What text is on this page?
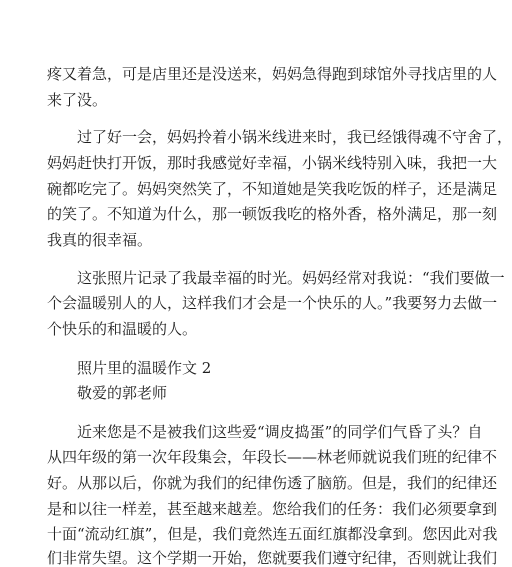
疼又着急，可是店里还是没送来，妈妈急得跑到球馆外寻找店里的人

来了没。

过了好一会，妈妈拎着小锅米线进来时，我已经饿得魂不守舍了，

妈妈赶快打开饭，那时我感觉好幸福，小锅米线特别入味，我把一大

碗都吃完了。妈妈突然笑了，不知道她是笑我吃饭的样子，还是满足

的笑了。不知道为什么，那一顿饭我吃的格外香，格外满足，那一刻

我真的很幸福。

这张照片记录了我最幸福的时光。妈妈经常对我说：“我们要做一

个会温暖别人的人，这样我们才会是一个快乐的人。”我要努力去做一

个快乐的和温暖的人。

照片里的温暖作文 2

敬爱的郭老师

近来您是不是被我们这些爱“调皮捣蛋”的同学们气昏了头？自

从四年级的第一次年段集会，年段长——林老师就说我们班的纪律不

好。从那以后，你就为我们的纪律伤透了脑筋。但是，我们的纪律还

是和以往一样差，甚至越来越差。您给我们的任务：我们必须要拿到

十面“流动红旗”，但是，我们竟然连五面红旗都没拿到。您因此对我

们非常失望。这个学期一开始，您就要我们遵守纪律，否则就让我们
